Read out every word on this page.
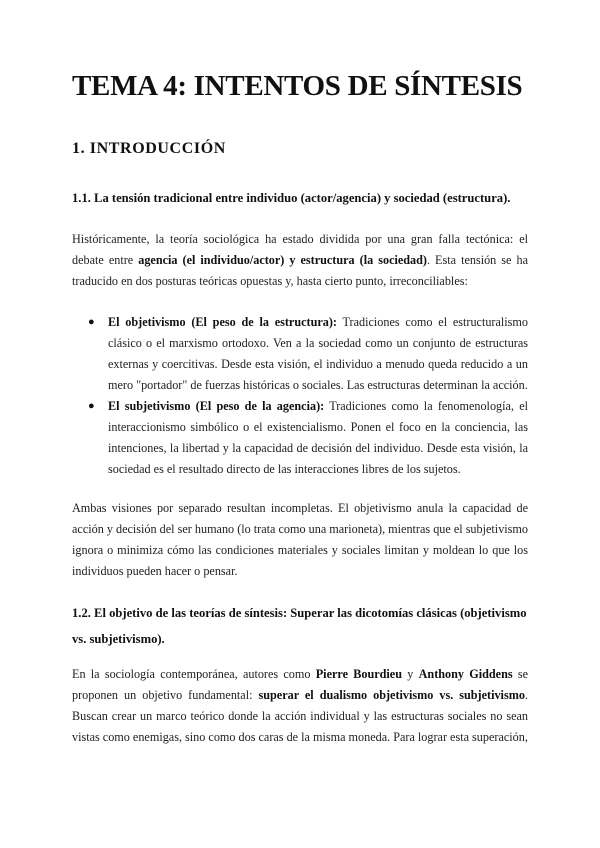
TEMA 4: INTENTOS DE SÍNTESIS
1. INTRODUCCIÓN
1.1. La tensión tradicional entre individuo (actor/agencia) y sociedad (estructura).
Históricamente, la teoría sociológica ha estado dividida por una gran falla tectónica: el debate entre agencia (el individuo/actor) y estructura (la sociedad). Esta tensión se ha traducido en dos posturas teóricas opuestas y, hasta cierto punto, irreconciliables:
● El objetivismo (El peso de la estructura): Tradiciones como el estructuralismo clásico o el marxismo ortodoxo. Ven a la sociedad como un conjunto de estructuras externas y coercitivas. Desde esta visión, el individuo a menudo queda reducido a un mero "portador" de fuerzas históricas o sociales. Las estructuras determinan la acción.
● El subjetivismo (El peso de la agencia): Tradiciones como la fenomenología, el interaccionismo simbólico o el existencialismo. Ponen el foco en la conciencia, las intenciones, la libertad y la capacidad de decisión del individuo. Desde esta visión, la sociedad es el resultado directo de las interacciones libres de los sujetos.
Ambas visiones por separado resultan incompletas. El objetivismo anula la capacidad de acción y decisión del ser humano (lo trata como una marioneta), mientras que el subjetivismo ignora o minimiza cómo las condiciones materiales y sociales limitan y moldean lo que los individuos pueden hacer o pensar.
1.2. El objetivo de las teorías de síntesis: Superar las dicotomías clásicas (objetivismo vs. subjetivismo).
En la sociología contemporánea, autores como Pierre Bourdieu y Anthony Giddens se proponen un objetivo fundamental: superar el dualismo objetivismo vs. subjetivismo. Buscan crear un marco teórico donde la acción individual y las estructuras sociales no sean vistas como enemigas, sino como dos caras de la misma moneda. Para lograr esta superación,
